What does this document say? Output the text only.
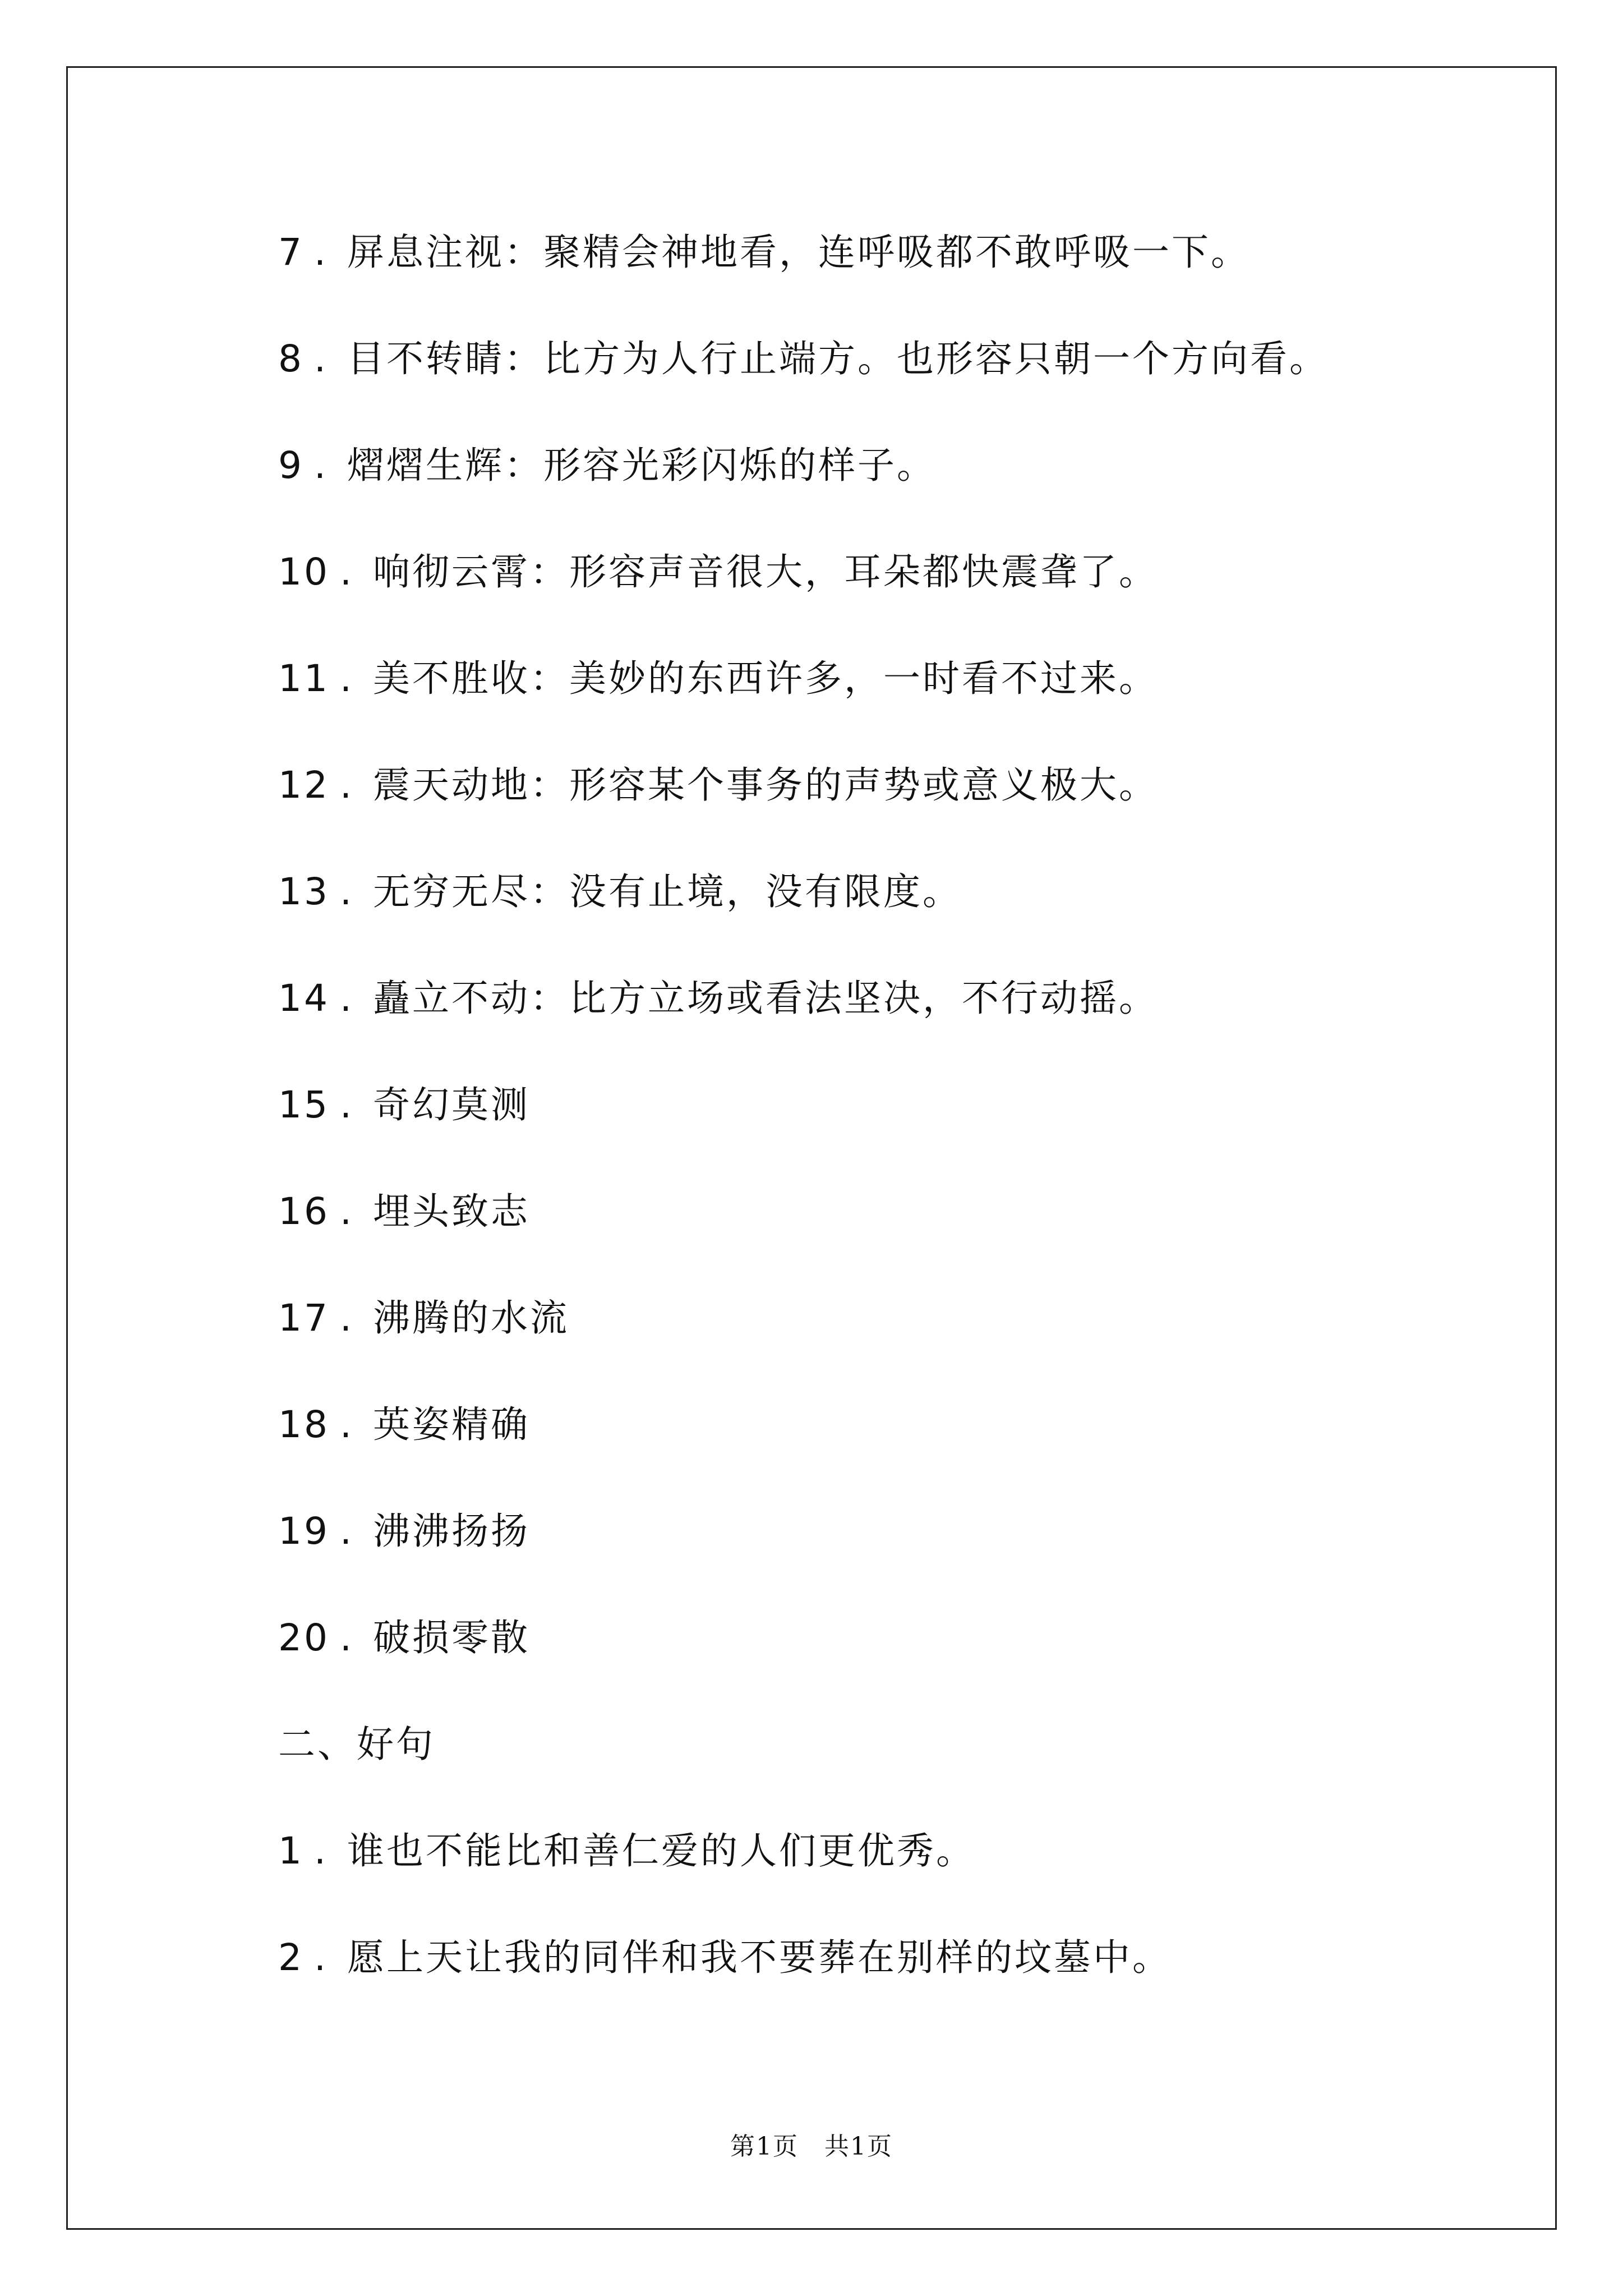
7 . 屏息注视：聚精会神地看，连呼吸都不敢呼吸一下。
8 . 目不转睛：比方为人行止端方。也形容只朝一个方向看。
9 . 熠熠生辉：形容光彩闪烁的样子。
10 . 响彻云霄：形容声音很大，耳朵都快震聋了。
11 . 美不胜收：美妙的东西许多，一时看不过来。
12 . 震天动地：形容某个事务的声势或意义极大。
13 . 无穷无尽：没有止境，没有限度。
14 . 矗立不动：比方立场或看法坚决，不行动摇。
15 . 奇幻莫测
16 . 埋头致志
17 . 沸腾的水流
18 . 英姿精确
19 . 沸沸扬扬
20 . 破损零散
二、好句
1 . 谁也不能比和善仁爱的人们更优秀。
2 . 愿上天让我的同伴和我不要葬在别样的坟墓中。
第1页　共1页
